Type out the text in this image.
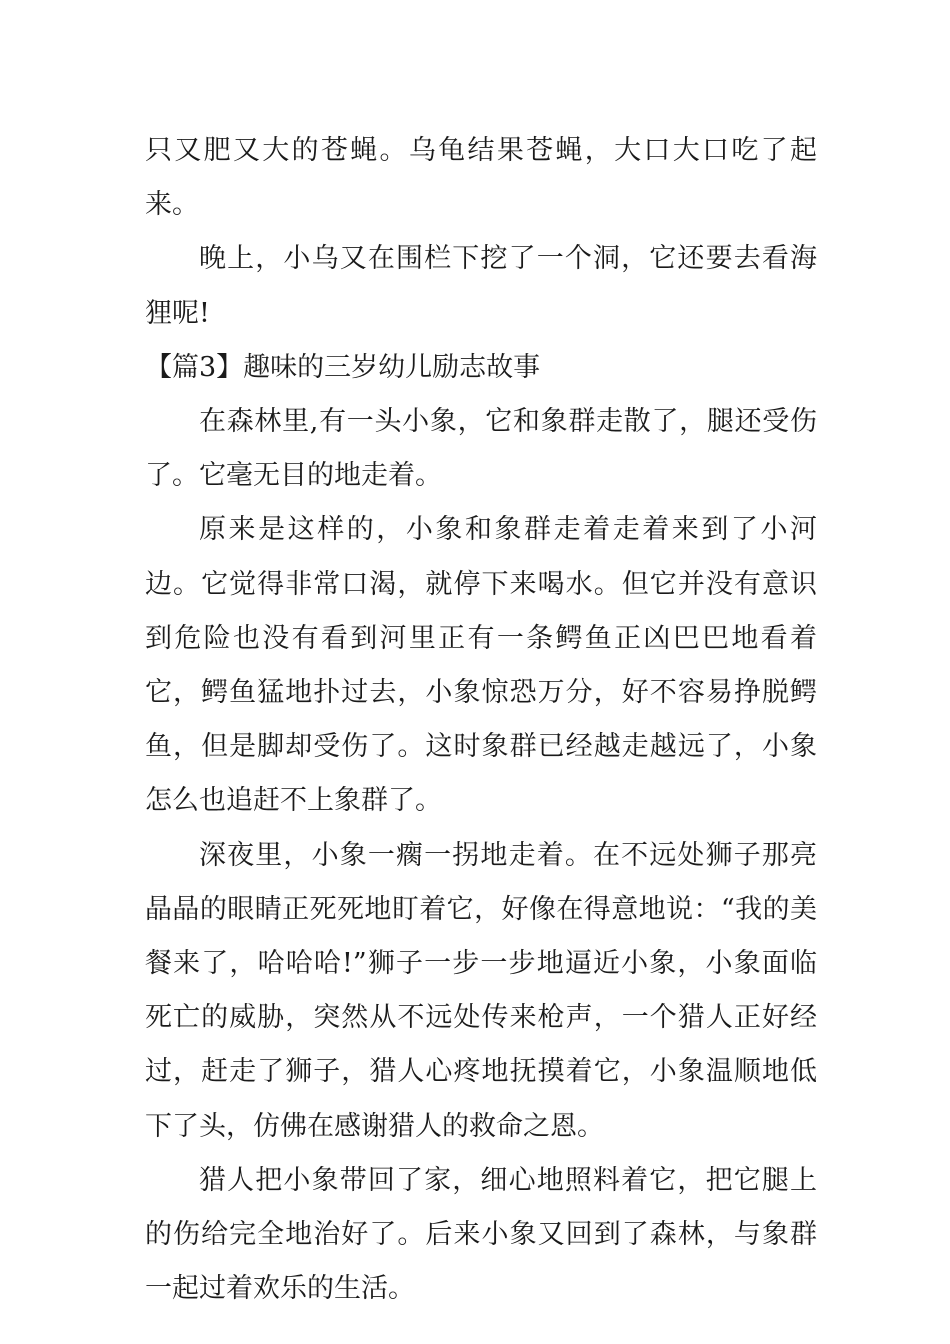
只又肥又大的苍蝇。乌龟结果苍蝇，大口大口吃了起来。

晚上，小乌又在围栏下挖了一个洞，它还要去看海狸呢!

【篇3】趣味的三岁幼儿励志故事

在森林里,有一头小象，它和象群走散了，腿还受伤了。它毫无目的地走着。

原来是这样的，小象和象群走着走着来到了小河边。它觉得非常口渴，就停下来喝水。但它并没有意识到危险也没有看到河里正有一条鳄鱼正凶巴巴地看着它，鳄鱼猛地扑过去，小象惊恐万分，好不容易挣脱鳄鱼，但是脚却受伤了。这时象群已经越走越远了，小象怎么也追赶不上象群了。

深夜里，小象一瘸一拐地走着。在不远处狮子那亮晶晶的眼睛正死死地盯着它，好像在得意地说：“我的美餐来了，哈哈哈!”狮子一步一步地逼近小象，小象面临死亡的威胁，突然从不远处传来枪声，一个猎人正好经过，赶走了狮子，猎人心疼地抚摸着它，小象温顺地低下了头，仿佛在感谢猎人的救命之恩。

猎人把小象带回了家，细心地照料着它，把它腿上的伤给完全地治好了。后来小象又回到了森林，与象群一起过着欢乐的生活。
